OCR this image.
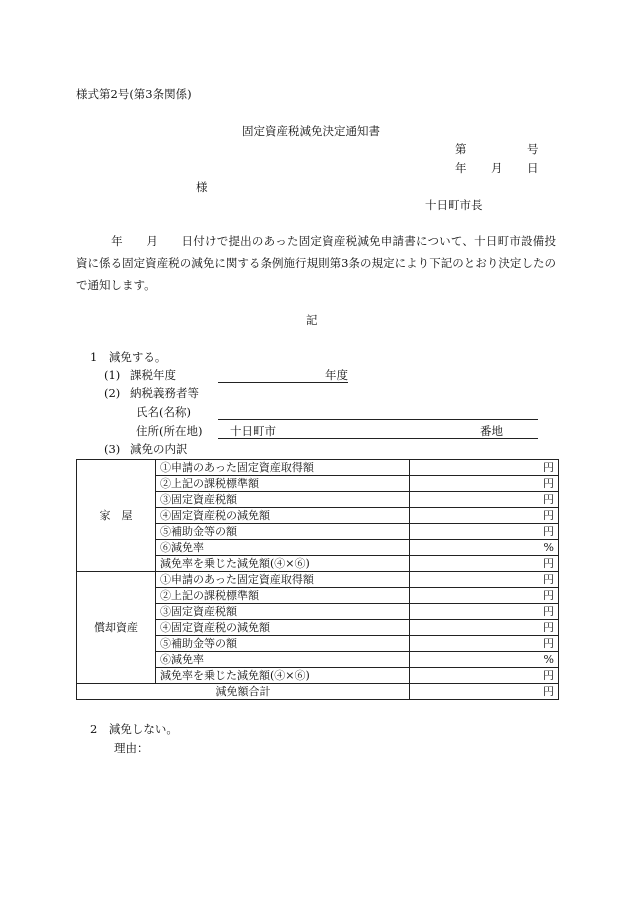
様式第2号(第3条関係)
固定資産税減免決定通知書
第	号
年 月 日
様
十日町市長

　　　年　　月　　日付けで提出のあった固定資産税減免申請書について、十日町市設備投資に係る固定資産税の減免に関する条例施行規則第3条の規定により下記のとおり決定したので通知します。

記
1　減免する。
(1) 課税年度	年度
(2) 納税義務者等
氏名(名称)
住所(所在地) 十日町市	番地
(3) 減免の内訳
家　屋	①申請のあった固定資産取得額	円
	②上記の課税標準額	円
	③固定資産税額	円
	④固定資産税の減免額	円
	⑤補助金等の額	円
	⑥減免率	%
	減免率を乗じた減免額(④×⑥)	円
償却資産	①申請のあった固定資産取得額	円
	②上記の課税標準額	円
	③固定資産税額	円
	④固定資産税の減免額	円
	⑤補助金等の額	円
	⑥減免率	%
	減免率を乗じた減免額(④×⑥)	円
減免額合計		円
2　減免しない。
理由：
